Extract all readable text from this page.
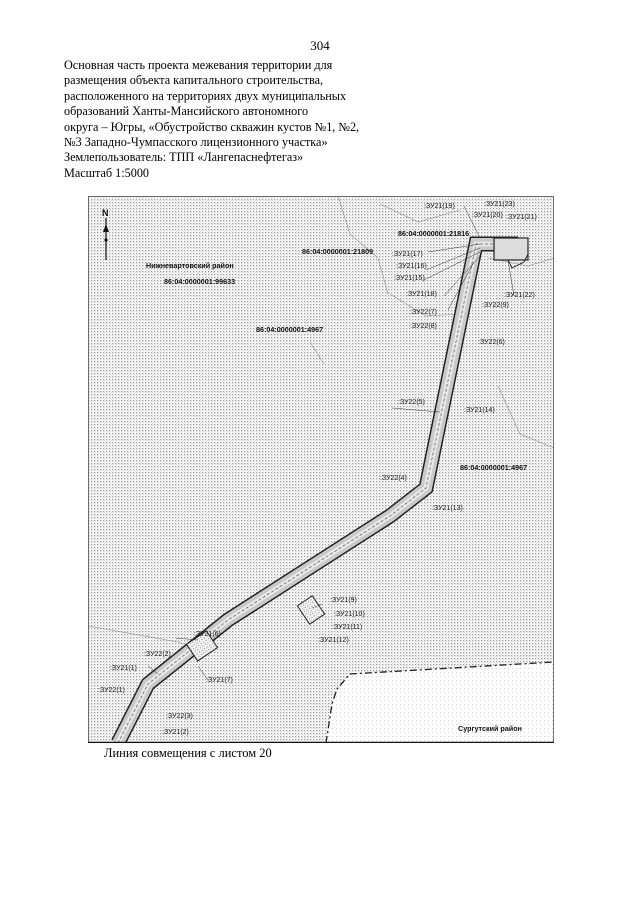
304
Основная часть проекта межевания территории для
размещения объекта капитального строительства,
расположенного на территориях двух муниципальных
образований Ханты-Мансийского автономного
округа – Югры, «Обустройство скважин кустов №1, №2,
№3 Западно-Чумпасского лицензионного участка»
Землепользователь: ТПП «Лангепаснефтегаз»
Масштаб 1:5000
N
Нижневартовский район
Сургутский район
86:04:0000001:99633
86:04:0000001:4967
86:04:0000001:21816
86:04:0000001:21809
86:04:0000001:4967
:ЗУ21(19)	:ЗУ21(23)
:ЗУ21(20) :ЗУ21(21)
:ЗУ21(17)
:ЗУ21(16)
:ЗУ21(15)
:ЗУ21(18)	:ЗУ21(22)
:ЗУ22(7)
:ЗУ22(9)
:ЗУ22(8)
:ЗУ22(6)
:ЗУ22(5)
:ЗУ21(14)
:ЗУ22(4)
:ЗУ21(13)
:ЗУ21(9)
:ЗУ21(10)
:ЗУ21(11)
:ЗУ21(12)
:ЗУ21(6)
:ЗУ22(2)
:ЗУ21(1)
:ЗУ22(1)
:ЗУ21(7)
:ЗУ22(3)
:ЗУ21(2)
Линия совмещения с листом 20
